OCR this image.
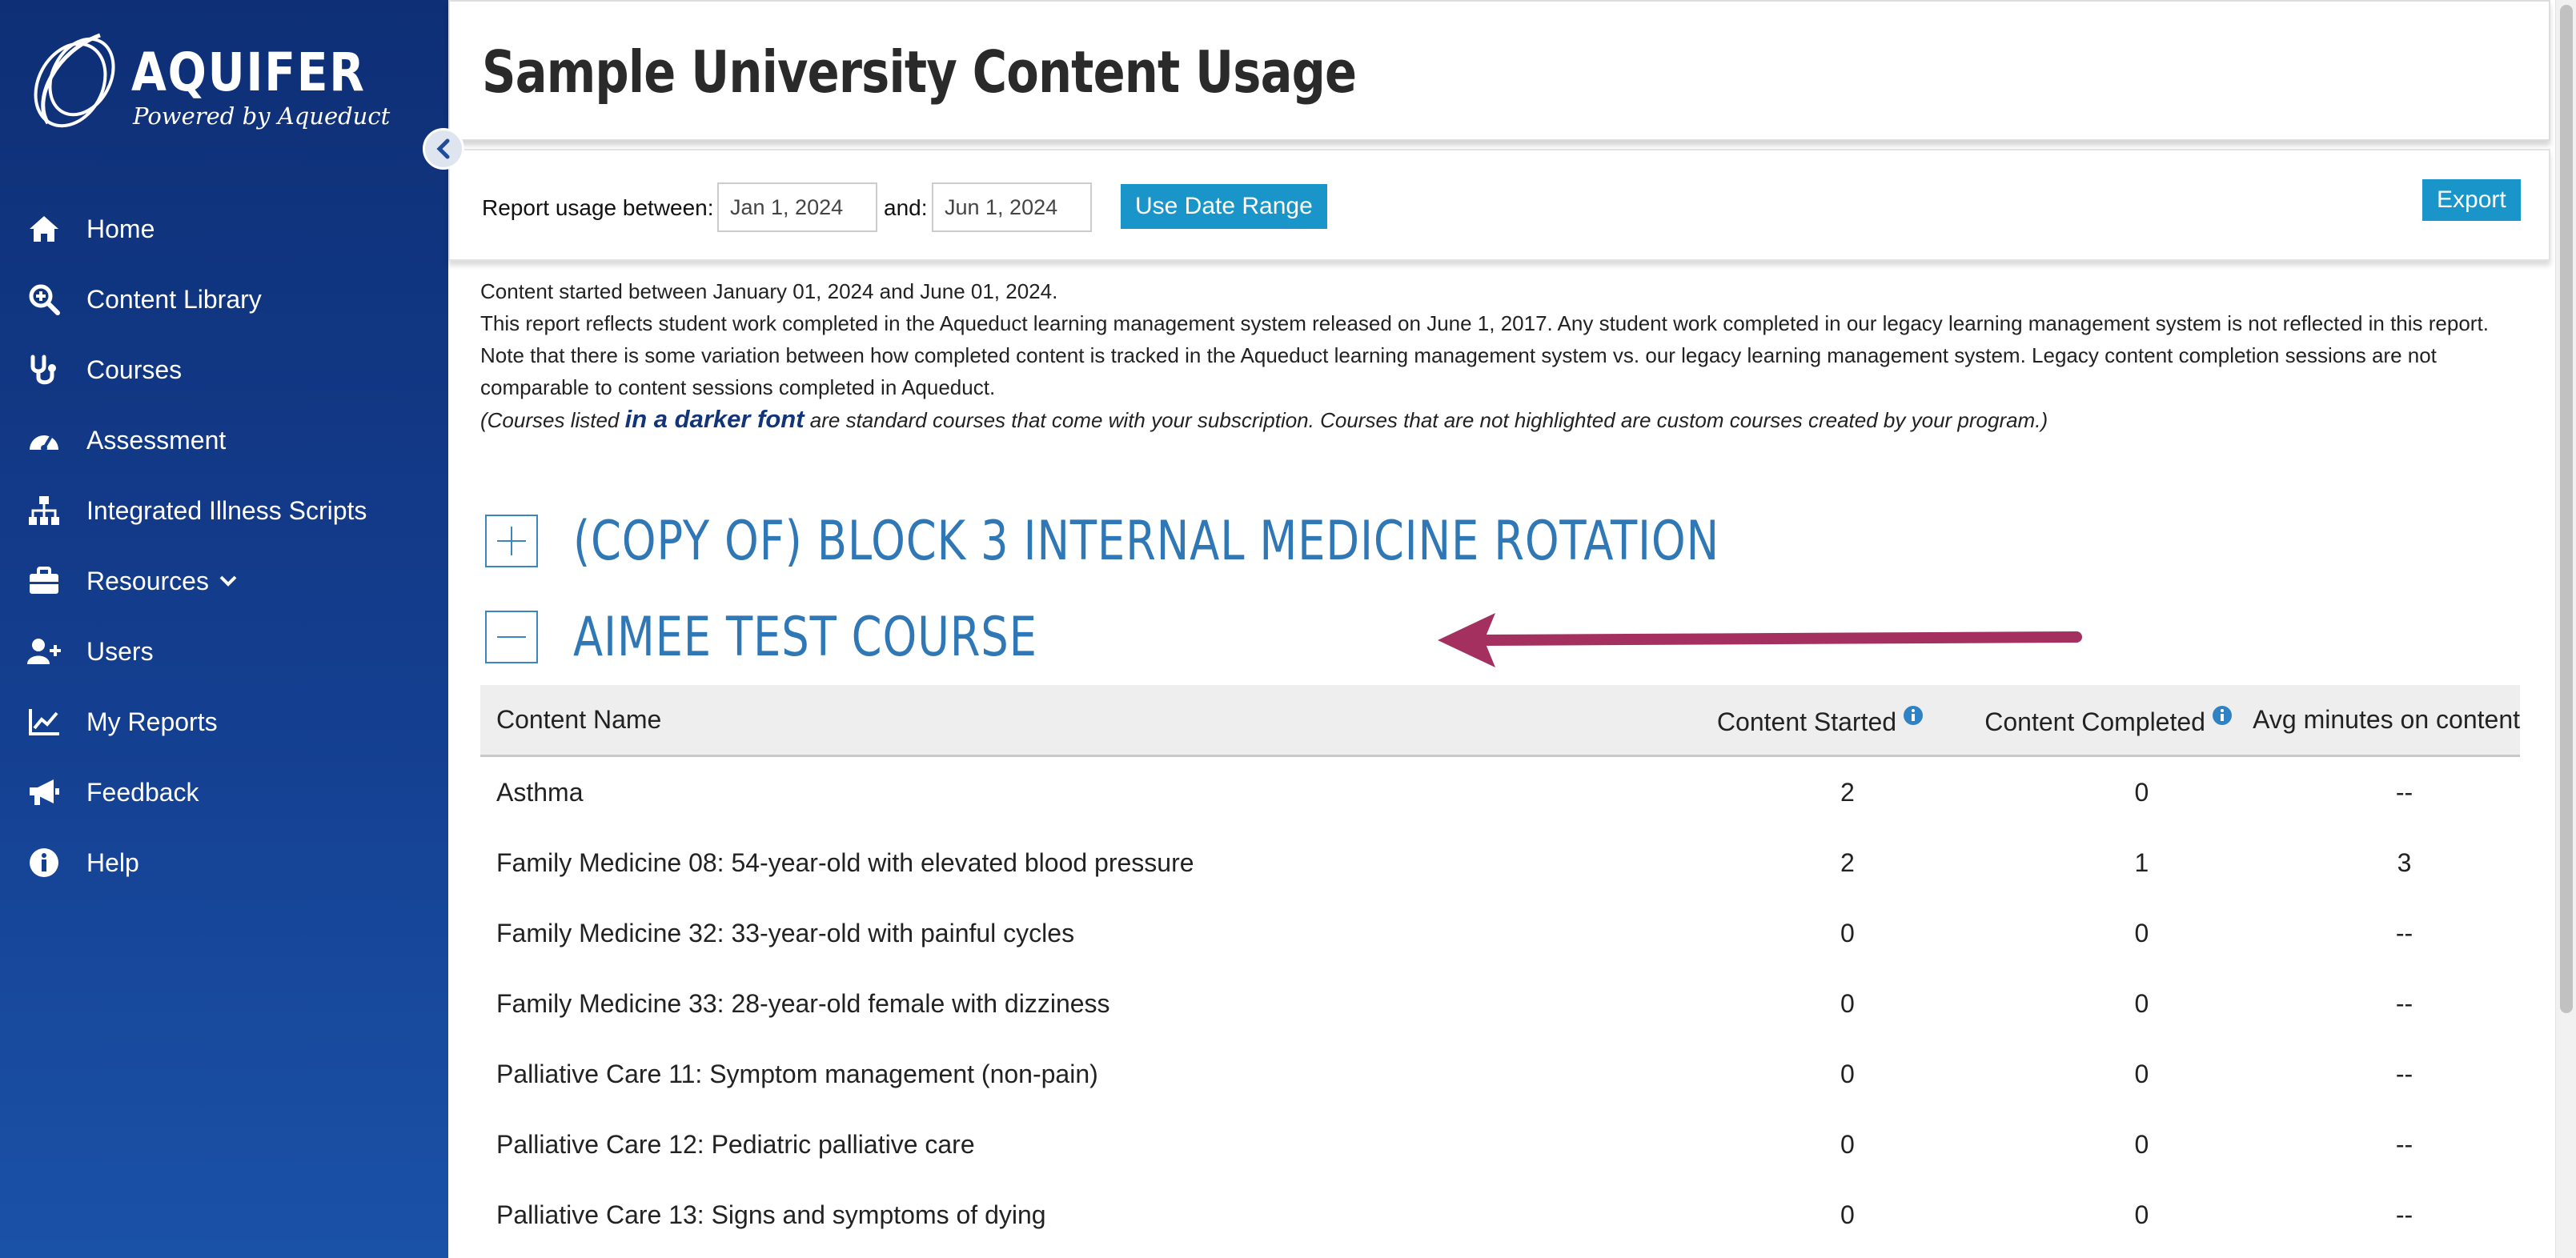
AQUIFER
Powered by Aqueduct
Home
Content Library
Courses
Assessment
Integrated Illness Scripts
Resources
Users
My Reports
Feedback
Help
Sample University Content Usage
Report usage between:
Jan 1, 2024	and:
Jun 1, 2024	Use Date Range	Export

Content started between January 01, 2024 and June 01, 2024.

This report reflects student work completed in the Aqueduct learning management system released on June 1, 2017. Any student work completed in our legacy learning management system is not reflected in this report.

Note that there is some variation between how completed content is tracked in the Aqueduct learning management system vs. our legacy learning management system. Legacy content completion sessions are not comparable to content sessions completed in Aqueduct.

(Courses listed in a darker font are standard courses that come with your subscription. Courses that are not highlighted are custom courses created by your program.)

(COPY OF) BLOCK 3 INTERNAL MEDICINE ROTATION
AIMEE TEST COURSE
Content Name	Content Started	Content Completed	Avg minutes on content
Asthma	2	0	--
Family Medicine 08: 54-year-old with elevated blood pressure	2	1	3
Family Medicine 32: 33-year-old with painful cycles	0	0	--
Family Medicine 33: 28-year-old female with dizziness	0	0	--
Palliative Care 11: Symptom management (non-pain)	0	0	--
Palliative Care 12: Pediatric palliative care	0	0	--
Palliative Care 13: Signs and symptoms of dying	0	0	--
